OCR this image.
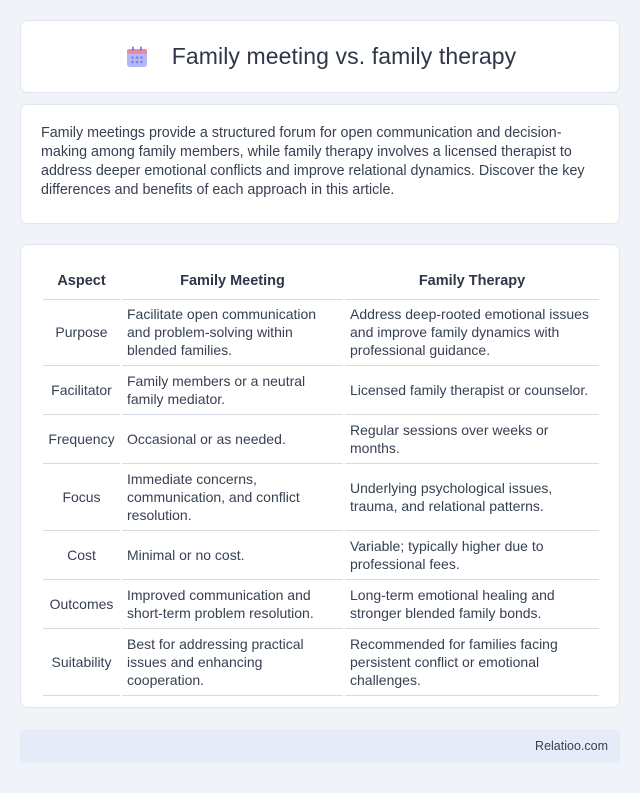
Family meeting vs. family therapy

Family meetings provide a structured forum for open communication and decision-making among family members, while family therapy involves a licensed therapist to address deeper emotional conflicts and improve relational dynamics. Discover the key differences and benefits of each approach in this article.

Aspect	Family Meeting	Family Therapy
Purpose	Facilitate open communication and problem-solving within blended families.	Address deep-rooted emotional issues and improve family dynamics with professional guidance.
Facilitator	Family members or a neutral family mediator.	Licensed family therapist or counselor.
Frequency	Occasional or as needed.	Regular sessions over weeks or months.
Focus	Immediate concerns, communication, and conflict resolution.	Underlying psychological issues, trauma, and relational patterns.
Cost	Minimal or no cost.	Variable; typically higher due to professional fees.
Outcomes	Improved communication and short-term problem resolution.	Long-term emotional healing and stronger blended family bonds.
Suitability	Best for addressing practical issues and enhancing cooperation.	Recommended for families facing persistent conflict or emotional challenges.
Relatioo.com
